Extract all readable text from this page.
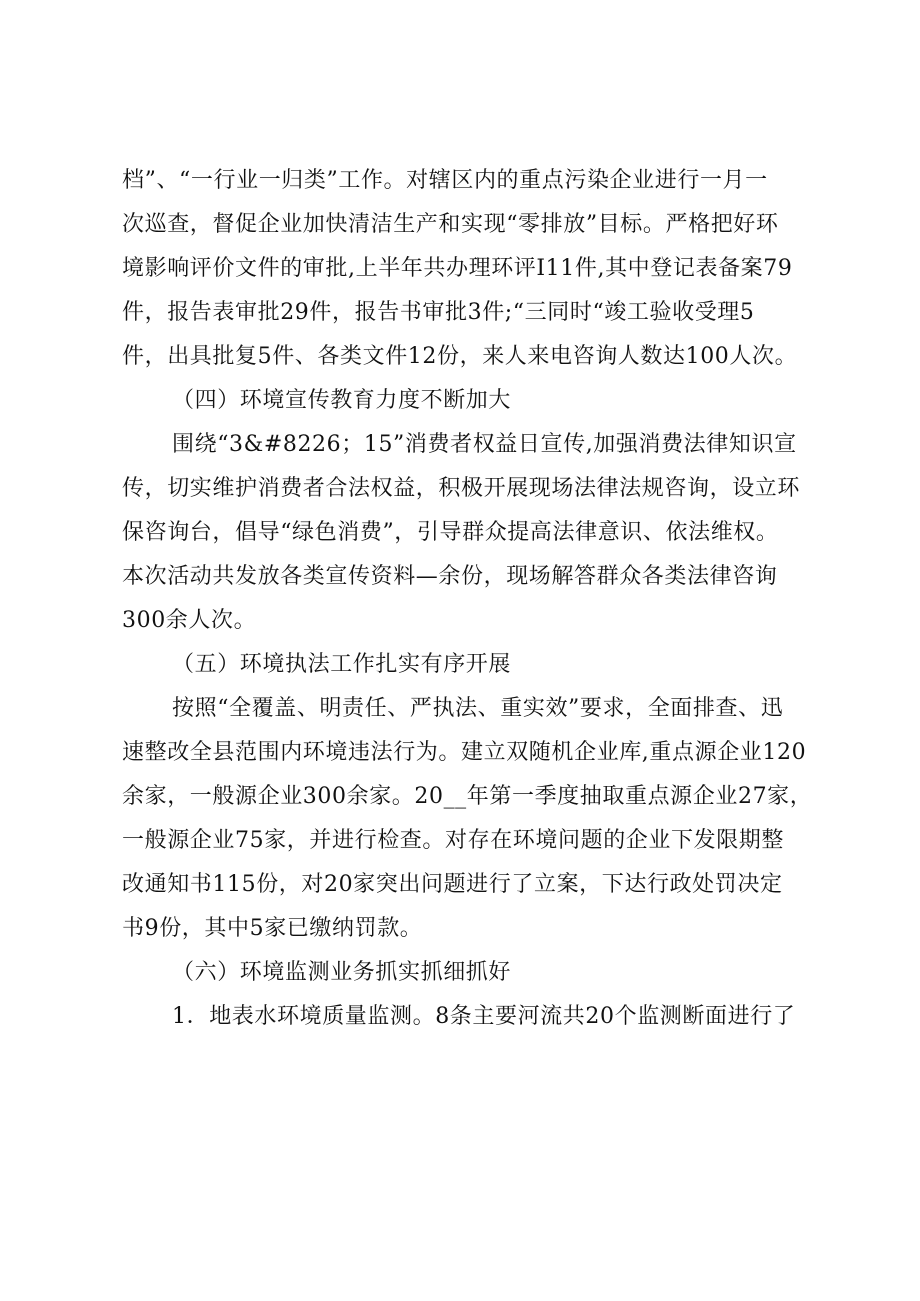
档”、“一行业一归类”工作。对辖区内的重点污染企业进行一月一
次巡查，督促企业加快清洁生产和实现“零排放”目标。严格把好环
境影响评价文件的审批,上半年共办理环评I11件,其中登记表备案79
件，报告表审批29件，报告书审批3件;“三同时“竣工验收受理5
件，出具批复5件、各类文件12份，来人来电咨询人数达100人次。
（四）环境宣传教育力度不断加大
围绕“3&#8226；15”消费者权益日宣传,加强消费法律知识宣
传，切实维护消费者合法权益，积极开展现场法律法规咨询，设立环
保咨询台，倡导“绿色消费”，引导群众提高法律意识、依法维权。
本次活动共发放各类宣传资料—余份，现场解答群众各类法律咨询
300余人次。
（五）环境执法工作扎实有序开展
按照“全覆盖、明责任、严执法、重实效”要求，全面排查、迅
速整改全县范围内环境违法行为。建立双随机企业库,重点源企业120
余家，一般源企业300余家。20__年第一季度抽取重点源企业27家，
一般源企业75家，并进行检查。对存在环境问题的企业下发限期整
改通知书115份，对20家突出问题进行了立案，下达行政处罚决定
书9份，其中5家已缴纳罚款。
（六）环境监测业务抓实抓细抓好
1．地表水环境质量监测。8条主要河流共20个监测断面进行了
